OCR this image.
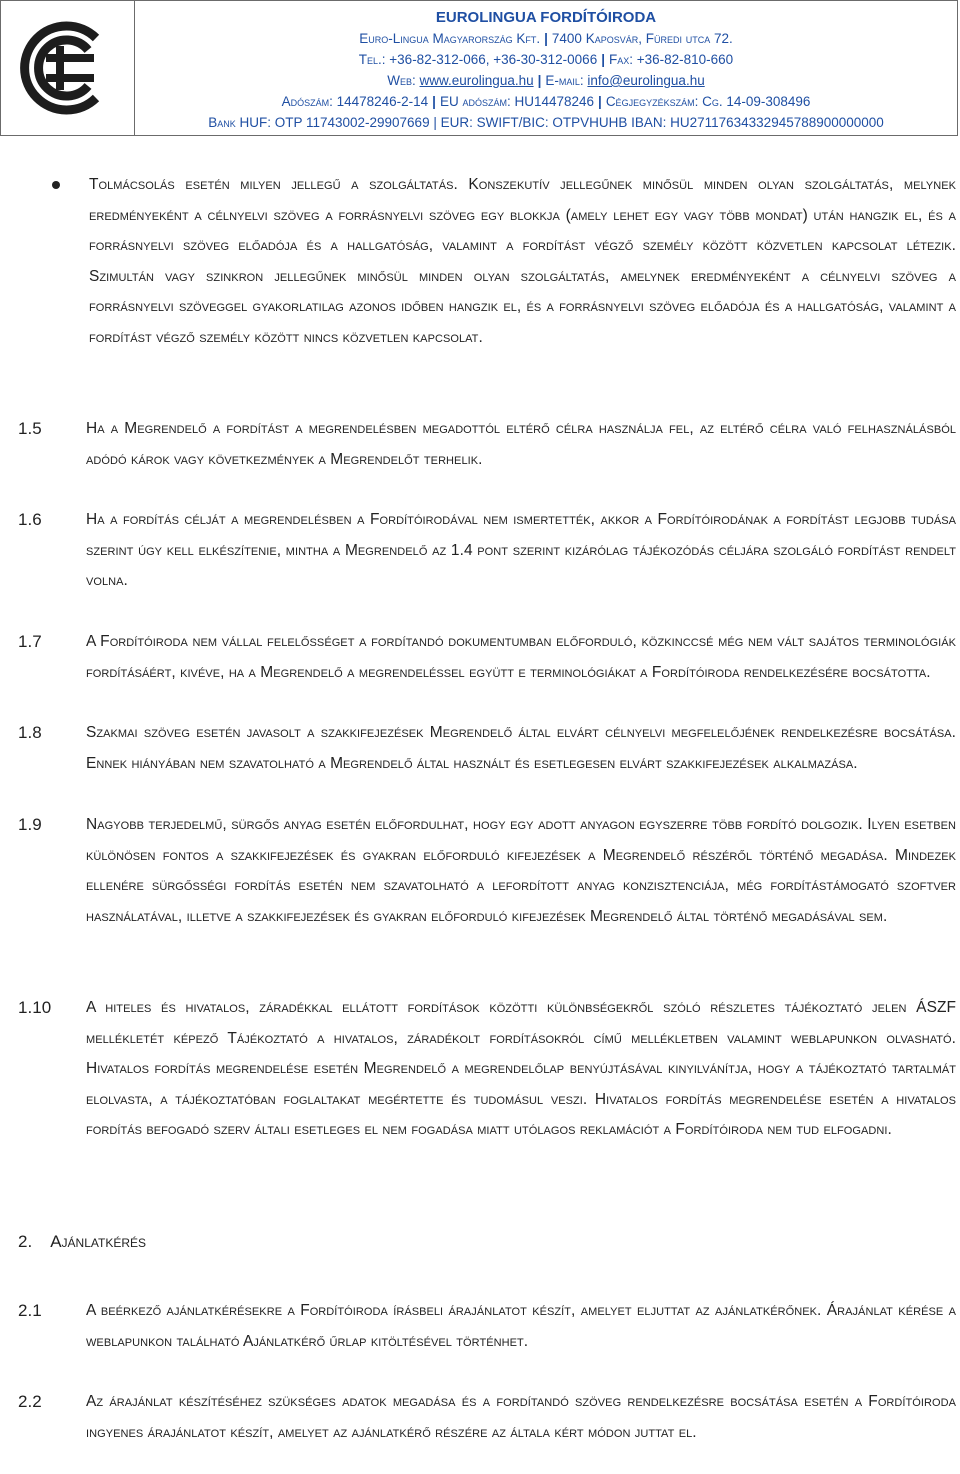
EUROLINGUA FORDÍTÓIRODA
Euro-Lingua Magyarország Kft. | 7400 Kaposvár, Füredi utca 72.
Tel.: +36-82-312-066, +36-30-312-0066 | Fax: +36-82-810-660
Web: www.eurolingua.hu | E-mail: info@eurolingua.hu
Adószám: 14478246-2-14 | EU adószám: HU14478246 | Cégjegyzékszám: Cg. 14-09-308496
Bank HUF: OTP 11743002-29907669 | EUR: SWIFT/BIC: OTPVHUHB IBAN: HU27117634332945788900000000
Tolmácsolás esetén milyen jellegű a szolgáltatás. Konszekutív jellegűnek minősül minden olyan szolgáltatás, melynek eredményeként a célnyelvi szöveg a forrásnyelvi szöveg egy blokkja (amely lehet egy vagy több mondat) után hangzik el, és a forrásnyelvi szöveg előadója és a hallgatóság, valamint a fordítást végző személy között közvetlen kapcsolat létezik. Szimultán vagy szinkron jellegűnek minősül minden olyan szolgáltatás, amelynek eredményeként a célnyelvi szöveg a forrásnyelvi szöveggel gyakorlatilag azonos időben hangzik el, és a forrásnyelvi szöveg előadója és a hallgatóság, valamint a fordítást végző személy között nincs közvetlen kapcsolat.
1.5	Ha a Megrendelő a fordítást a megrendelésben megadottól eltérő célra használja fel, az eltérő célra való felhasználásból adódó károk vagy következmények a Megrendelőt terhelik.
1.6	Ha a fordítás célját a megrendelésben a Fordítóirodával nem ismertették, akkor a Fordítóirodának a fordítást legjobb tudása szerint úgy kell elkészítenie, mintha a Megrendelő az 1.4 pont szerint kizárólag tájékozódás céljára szolgáló fordítást rendelt volna.
1.7	A Fordítóiroda nem vállal felelősséget a fordítandó dokumentumban előforduló, közkinccsé még nem vált sajátos terminológiák fordításáért, kivéve, ha a Megrendelő a megrendeléssel együtt e terminológiákat a Fordítóiroda rendelkezésére bocsátotta.
1.8	Szakmai szöveg esetén javasolt a szakkifejezések Megrendelő által elvárt célnyelvi megfelelőjének rendelkezésre bocsátása. Ennek hiányában nem szavatolható a Megrendelő által használt és esetlegesen elvárt szakkifejezések alkalmazása.
1.9	Nagyobb terjedelmű, sürgős anyag esetén előfordulhat, hogy egy adott anyagon egyszerre több fordító dolgozik. Ilyen esetben különösen fontos a szakkifejezések és gyakran előforduló kifejezések a Megrendelő részéről történő megadása. Mindezek ellenére sürgősségi fordítás esetén nem szavatolható a lefordított anyag konzisztenciája, még fordítástámogató szoftver használatával, illetve a szakkifejezések és gyakran előforduló kifejezések Megrendelő által történő megadásával sem.
1.10 A hiteles és hivatalos, záradékkal ellátott fordítások közötti különbségekről szóló részletes tájékoztató jelen ÁSZF mellékletét képező Tájékoztató a hivatalos, záradékolt fordításokról című mellékletben valamint weblapunkon olvasható. Hivatalos fordítás megrendelése esetén Megrendelő a megrendelőlap benyújtásával kinyilvánítja, hogy a tájékoztató tartalmát elolvasta, a tájékoztatóban foglaltakat megértette és tudomásul veszi. Hivatalos fordítás megrendelése esetén a hivatalos fordítás befogadó szerv általi esetleges el nem fogadása miatt utólagos reklamációt a Fordítóiroda nem tud elfogadni.
2. Ajánlatkérés
2.1	A beérkező ajánlatkérésekre a Fordítóiroda írásbeli árajánlatot készít, amelyet eljuttat az ajánlatkérőnek. Árajánlat kérése a weblapunkon található Ajánlatkérő űrlap kitöltésével történhet.
2.2	Az árajánlat készítéséhez szükséges adatok megadása és a fordítandó szöveg rendelkezésre bocsátása esetén a Fordítóiroda ingyenes árajánlatot készít, amelyet az ajánlatkérő részére az általa kért módon juttat el.
